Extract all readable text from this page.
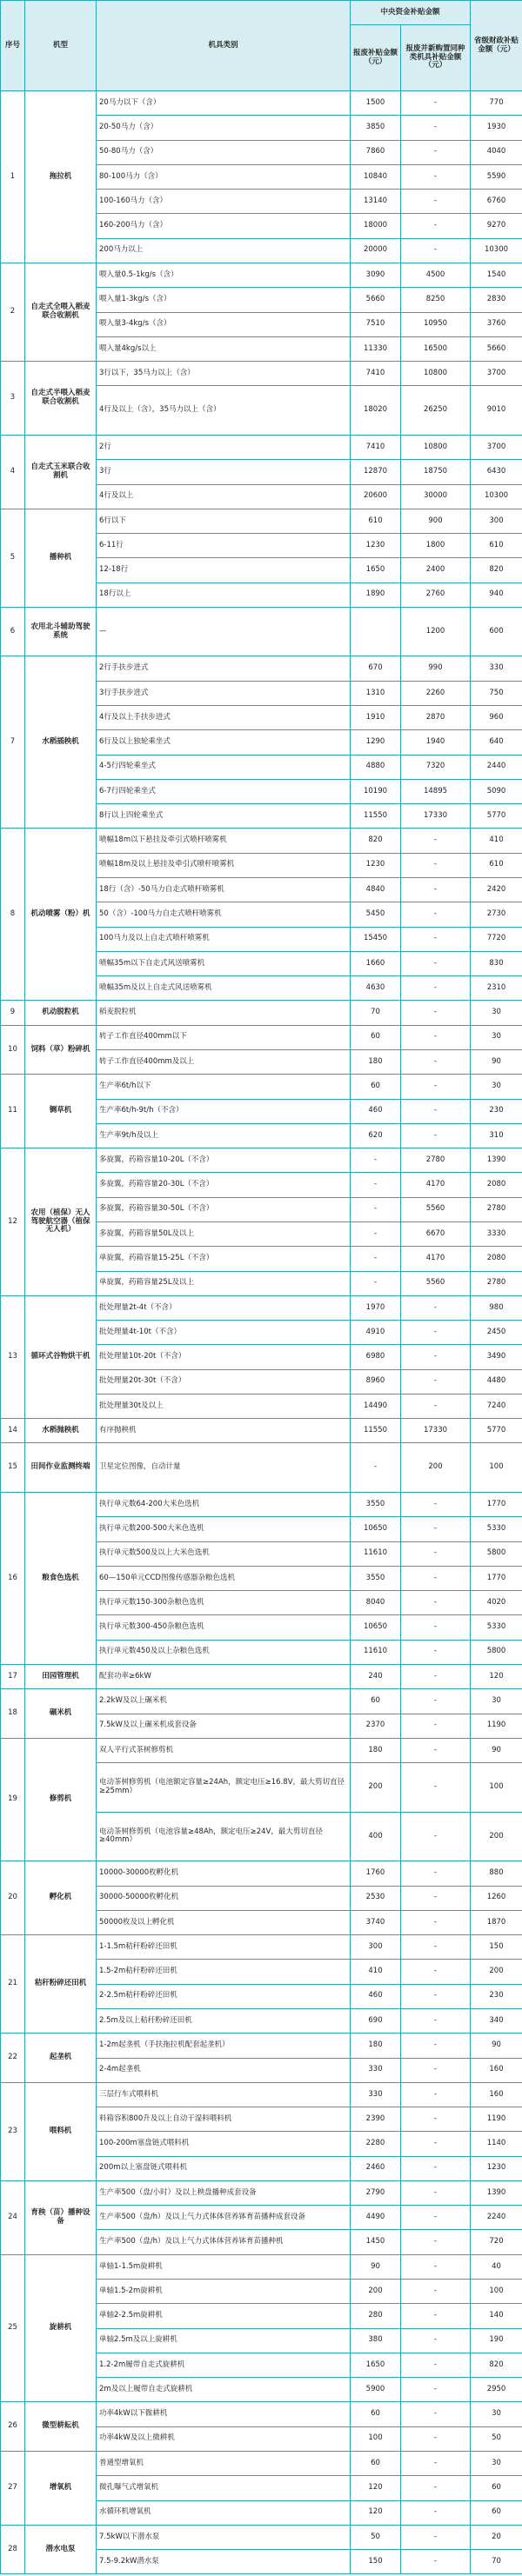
序号	机型	机具类别	中央资金补贴金额		省级财政补贴金额（元）
			报废补贴金额（元）	报废并新购置同种类机具补贴金额（元）	
1	拖拉机	20马力以下（含）	1500	-	770
		20-50马力（含）	3850	-	1930
		50-80马力（含）	7860	-	4040
		80-100马力（含）	10840	-	5590
		100-160马力（含）	13140	-	6760
		160-200马力（含）	18000	-	9270
		200马力以上	20000	-	10300
2	自走式全喂入稻麦联合收割机	喂入量0.5-1kg/s（含）	3090	4500	1540
		喂入量1-3kg/s（含）	5660	8250	2830
		喂入量3-4kg/s（含）	7510	10950	3760
		喂入量4kg/s以上	11330	16500	5660
3	自走式半喂入稻麦联合收割机	3行以下，35马力以上（含）	7410	10800	3700
		4行及以上（含），35马力以上（含）	18020	26250	9010
4	自走式玉米联合收割机	2行	7410	10800	3700
		3行	12870	18750	6430
		4行及以上	20600	30000	10300
5	播种机	6行以下	610	900	300
		6-11行	1230	1800	610
		12-18行	1650	2400	820
		18行以上	1890	2760	940
6	农用北斗辅助驾驶系统	—		1200	600
7	水稻插秧机	2行手扶步进式	670	990	330
		3行手扶步进式	1310	2260	750
		4行及以上手扶步进式	1910	2870	960
		6行及以上独轮乘坐式	1290	1940	640
		4-5行四轮乘坐式	4880	7320	2440
		6-7行四轮乘坐式	10190	14895	5090
		8行以上四轮乘坐式	11550	17330	5770
8	机动喷雾（粉）机	喷幅18m以下悬挂及牵引式喷杆喷雾机	820	-	410
		喷幅18m及以上悬挂及牵引式喷杆喷雾机	1230	-	610
		18行（含）-50马力自走式喷杆喷雾机	4840	-	2420
		50（含）-100马力自走式喷杆喷雾机	5450	-	2730
		100马力及以上自走式喷杆喷雾机	15450	-	7720
		喷幅35m以下自走式风送喷雾机	1660	-	830
		喷幅35m及以上自走式风送喷雾机	4630	-	2310
9	机动脱粒机	稻麦脱粒机	70	-	30
10	饲料（草）粉碎机	转子工作直径400mm以下	60	-	30
		转子工作直径400mm及以上	180	-	90
11	铡草机	生产率6t/h以下	60	-	30
		生产率6t/h-9t/h（不含）	460	-	230
		生产率9t/h及以上	620	-	310
12	农用（植保）无人驾驶航空器（植保无人机）	多旋翼，药箱容量10-20L（不含）	-	2780	1390
		多旋翼，药箱容量20-30L（不含）	-	4170	2080
		多旋翼，药箱容量30-50L（不含）	-	5560	2780
		多旋翼，药箱容量50L及以上	-	6670	3330
		单旋翼，药箱容量15-25L（不含）	-	4170	2080
		单旋翼，药箱容量25L及以上	-	5560	2780
13	循环式谷物烘干机	批处理量2t-4t（不含）	1970	-	980
		批处理量4t-10t（不含）	4910	-	2450
		批处理量10t-20t（不含）	6980	-	3490
		批处理量20t-30t（不含）	8960	-	4480
		批处理量30t及以上	14490	-	7240
14	水稻抛秧机	有序抛秧机	11550	17330	5770
15	田间作业监测终端	卫星定位图像，自动计量	-	200	100
16	粮食色选机	执行单元数64-200大米色选机	3550	-	1770
		执行单元数200-500大米色选机	10650	-	5330
		执行单元数500及以上大米色选机	11610	-	5800
		60—150单元CCD图像传感器杂粮色选机	3550	-	1770
		执行单元数150-300杂粮色选机	8040	-	4020
		执行单元数300-450杂粮色选机	10650	-	5330
		执行单元数450及以上杂粮色选机	11610	-	5800
17	田园管理机	配套功率≥6kW	240	-	120
18	碾米机	2.2kW及以上碾米机	60	-	30
		7.5kW及以上碾米机成套设备	2370	-	1190
19	修剪机	双人平行式茶树修剪机	180	-	90
		电动茶树修剪机（电池额定容量≥24Ah，额定电压≥16.8V，最大剪切直径≥25mm）	200	-	100
		电动茶树修剪机（电池容量≥48Ah，额定电压≥24V，最大剪切直径≥40mm）	400	-	200
20	孵化机	10000-30000枚孵化机	1760	-	880
		30000-50000枚孵化机	2530	-	1260
		50000枚及以上孵化机	3740	-	1870
21	秸秆粉碎还田机	1-1.5m秸秆粉碎还田机	300	-	150
		1.5-2m秸秆粉碎还田机	410	-	200
		2-2.5m秸秆粉碎还田机	460	-	230
		2.5m及以上秸秆粉碎还田机	690	-	340
22	起垄机	1-2m起垄机（手扶拖拉机配套起垄机）	180	-	90
		2-4m起垄机	330	-	160
23	喂料机	三层行车式喂料机	330	-	160
		料箱容积800升及以上自动干湿料喂料机	2390	-	1190
		100-200m塞盘链式喂料机	2280	-	1140
		200m以上塞盘链式喂料机	2460	-	1230
24	育秧（苗）播种设备	生产率500（盘/小时）及以上秧盘播种成套设备	2790	-	1390
		生产率500（盘/h）及以上气力式体体营养钵育苗播种成套设备	4490	-	2240
		生产率500（盘/h）及以上气力式体体营养钵育苗播种机	1450	-	720
25	旋耕机	单轴1-1.5m旋耕机	90	-	40
		单轴1.5-2m旋耕机	200	-	100
		单轴2-2.5m旋耕机	280	-	140
		单轴2.5m及以上旋耕机	380	-	190
		1.2-2m履带自走式旋耕机	1650	-	820
		2m及以上履带自走式旋耕机	5900	-	2950
26	微型耕耘机	功率4kW以下微耕机	60	-	30
		功率4kW及以上微耕机	100	-	50
27	增氧机	普通型增氧机	60	-	30
		微孔曝气式增氧机	120	-	60
		水循环机增氧机	120	-	60
28	潜水电泵	7.5kW以下潜水泵	50	-	20
		7.5-9.2kW潜水泵	150	-	70
